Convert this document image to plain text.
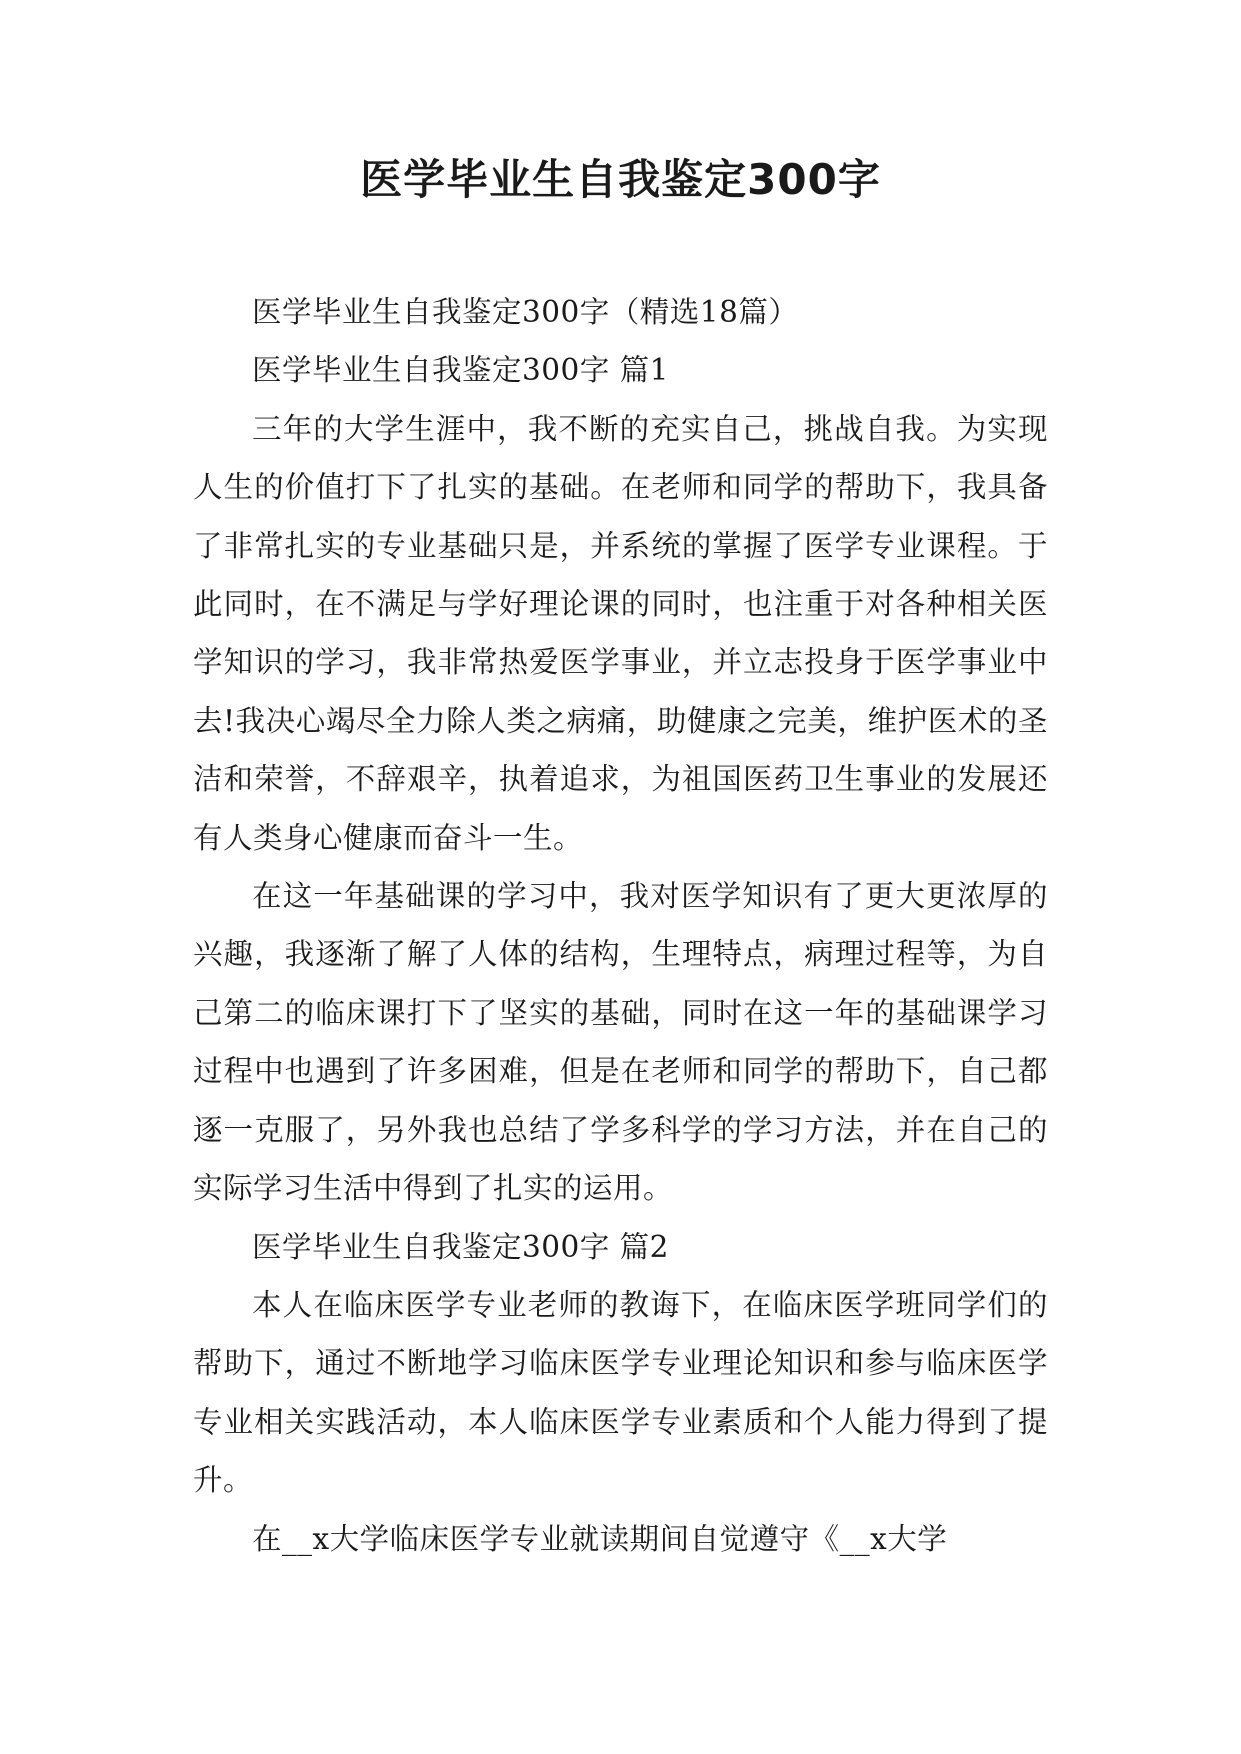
医学毕业生自我鉴定300字

医学毕业生自我鉴定300字（精选18篇）

医学毕业生自我鉴定300字 篇1

三年的大学生涯中，我不断的充实自己，挑战自我。为实现人生的价值打下了扎实的基础。在老师和同学的帮助下，我具备了非常扎实的专业基础只是，并系统的掌握了医学专业课程。于此同时，在不满足与学好理论课的同时，也注重于对各种相关医学知识的学习，我非常热爱医学事业，并立志投身于医学事业中去!我决心竭尽全力除人类之病痛，助健康之完美，维护医术的圣洁和荣誉，不辞艰辛，执着追求，为祖国医药卫生事业的发展还有人类身心健康而奋斗一生。

在这一年基础课的学习中，我对医学知识有了更大更浓厚的兴趣，我逐渐了解了人体的结构，生理特点，病理过程等，为自己第二的临床课打下了坚实的基础，同时在这一年的基础课学习过程中也遇到了许多困难，但是在老师和同学的帮助下，自己都逐一克服了，另外我也总结了学多科学的学习方法，并在自己的实际学习生活中得到了扎实的运用。

医学毕业生自我鉴定300字 篇2

本人在临床医学专业老师的教诲下，在临床医学班同学们的帮助下，通过不断地学习临床医学专业理论知识和参与临床医学专业相关实践活动，本人临床医学专业素质和个人能力得到了提升。

在__x大学临床医学专业就读期间自觉遵守《__x大学
